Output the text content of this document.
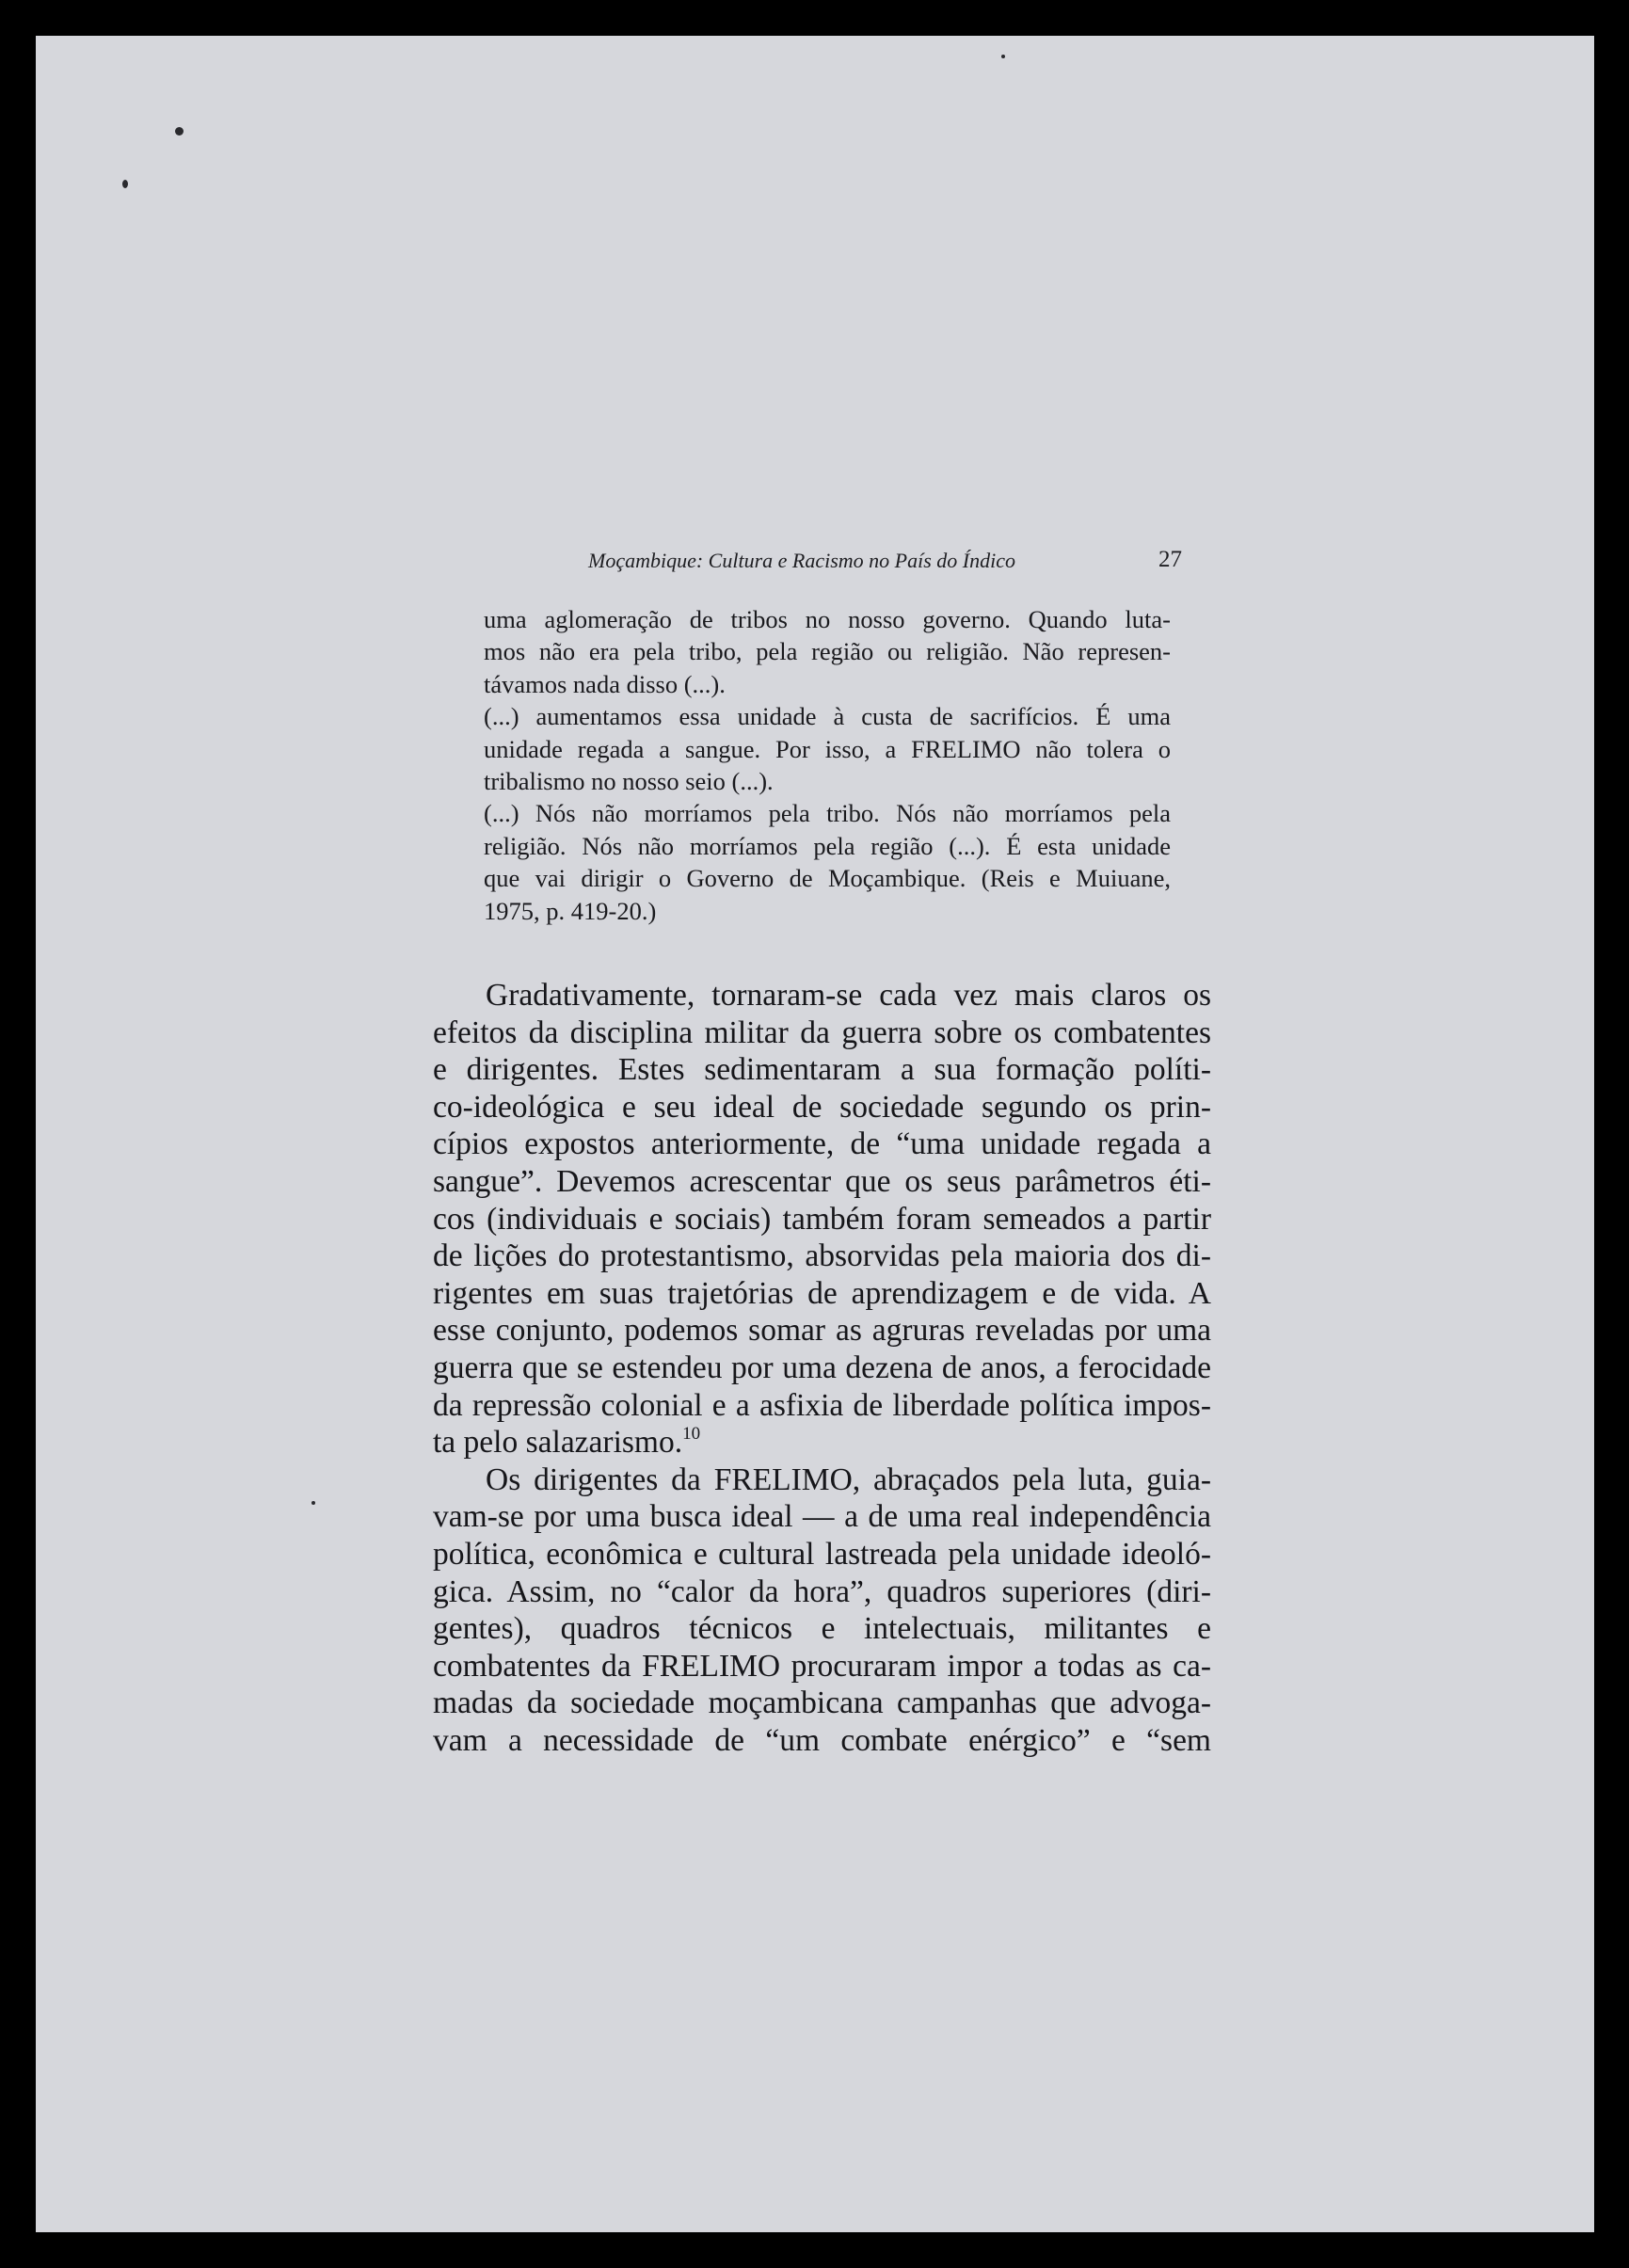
Moçambique: Cultura e Racismo no País do Índico	27
uma aglomeração de tribos no nosso governo. Quando luta-
mos não era pela tribo, pela região ou religião. Não represen-
távamos nada disso (...).
(...) aumentamos essa unidade à custa de sacrifícios. É uma
unidade regada a sangue. Por isso, a FRELIMO não tolera o
tribalismo no nosso seio (...).
(...) Nós não morríamos pela tribo. Nós não morríamos pela
religião. Nós não morríamos pela região (...). É esta unidade
que vai dirigir o Governo de Moçambique. (Reis e Muiuane,
1975, p. 419-20.)
Gradativamente, tornaram-se cada vez mais claros os
efeitos da disciplina militar da guerra sobre os combatentes
e dirigentes. Estes sedimentaram a sua formação políti-
co-ideológica e seu ideal de sociedade segundo os prin-
cípios expostos anteriormente, de “uma unidade regada a
sangue”. Devemos acrescentar que os seus parâmetros éti-
cos (individuais e sociais) também foram semeados a partir
de lições do protestantismo, absorvidas pela maioria dos di-
rigentes em suas trajetórias de aprendizagem e de vida. A
esse conjunto, podemos somar as agruras reveladas por uma
guerra que se estendeu por uma dezena de anos, a ferocidade
da repressão colonial e a asfixia de liberdade política impos-
ta pelo salazarismo.$^{10}$
Os dirigentes da FRELIMO, abraçados pela luta, guia-
vam-se por uma busca ideal — a de uma real independência
política, econômica e cultural lastreada pela unidade ideoló-
gica. Assim, no “calor da hora”, quadros superiores (diri-
gentes), quadros técnicos e intelectuais, militantes e
combatentes da FRELIMO procuraram impor a todas as ca-
madas da sociedade moçambicana campanhas que advoga-
vam a necessidade de “um combate enérgico” e “sem
